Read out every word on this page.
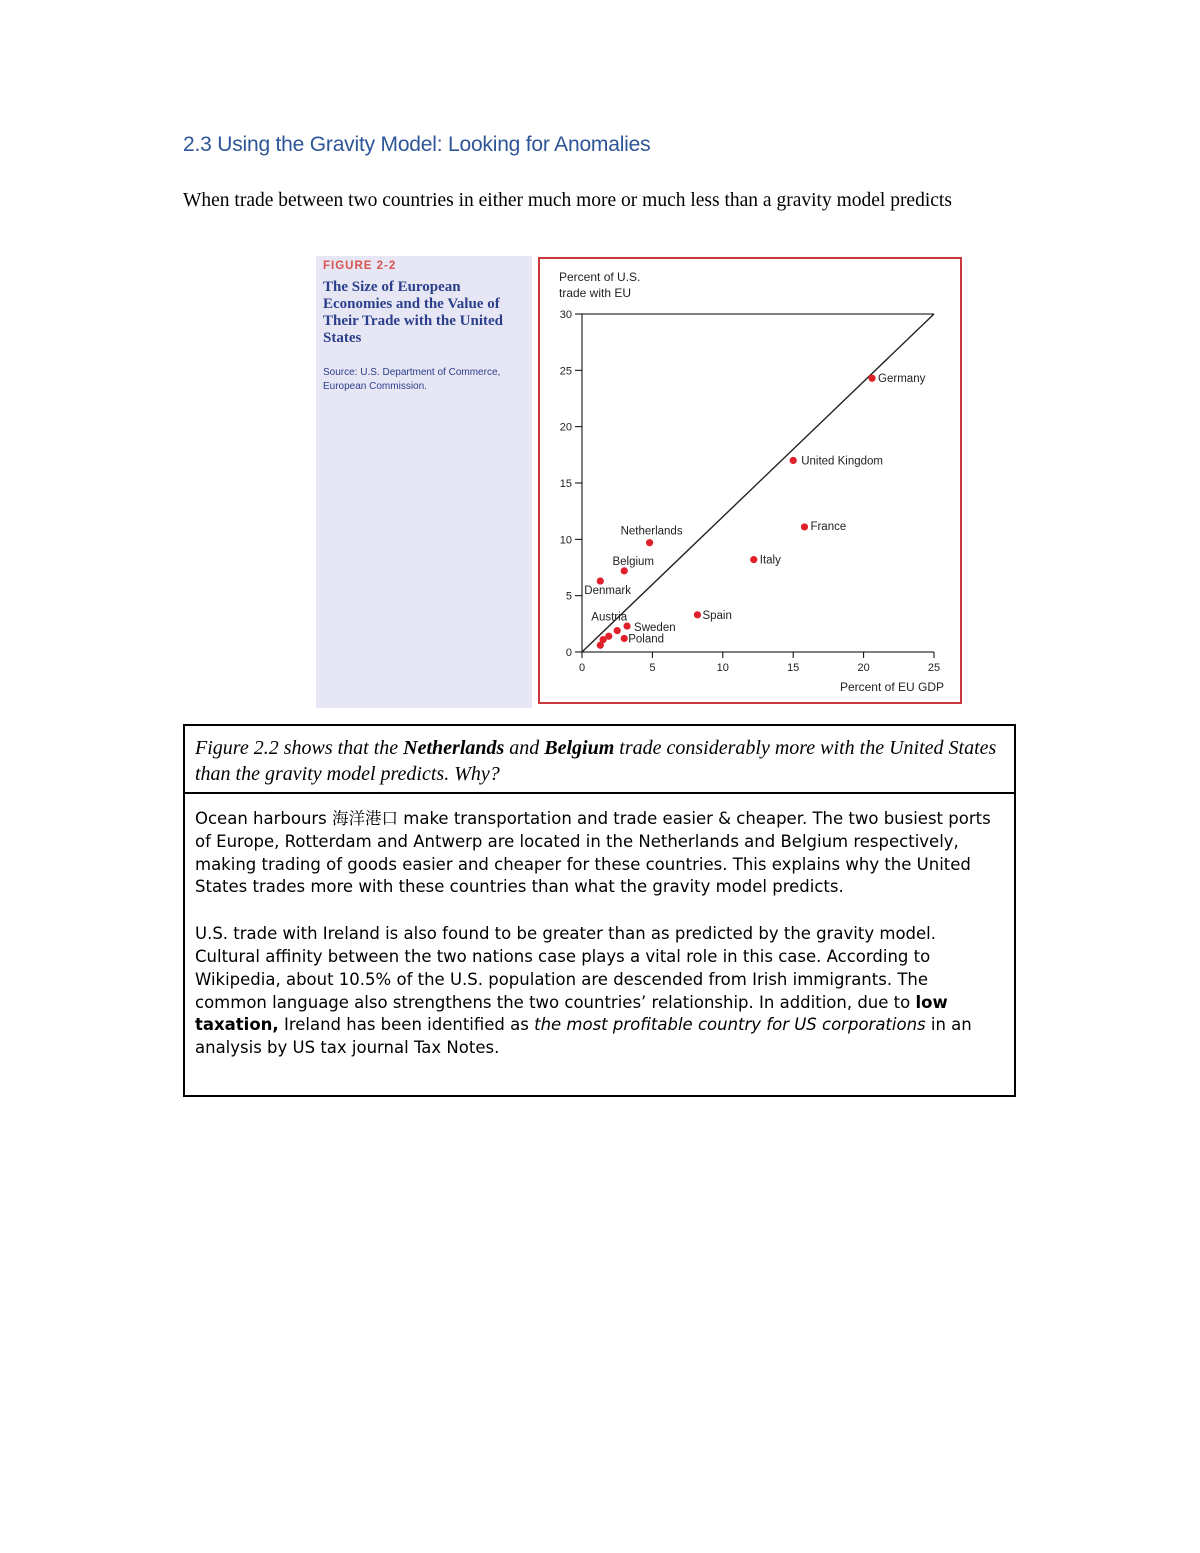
2.3 Using the Gravity Model: Looking for Anomalies
When trade between two countries in either much more or much less than a gravity model predicts
FIGURE 2-2
The Size of European Economies and the Value of Their Trade with the United States
Source: U.S. Department of Commerce, European Commission.
0
5
10
15
20
25
30
0	5	10	15	20	25
Percent of U.S.
trade with EU
Percent of EU GDP
Germany
United Kingdom
France
Italy
Netherlands
Belgium
Denmark
Spain
Sweden
Poland
Austria
Figure 2.2 shows that the Netherlands and Belgium trade considerably more with the United States than the gravity model predicts. Why?

Ocean harbours 海洋港口 make transportation and trade easier & cheaper. The two busiest ports of Europe, Rotterdam and Antwerp are located in the Netherlands and Belgium respectively, making trading of goods easier and cheaper for these countries. This explains why the United States trades more with these countries than what the gravity model predicts.

U.S. trade with Ireland is also found to be greater than as predicted by the gravity model. Cultural affinity between the two nations case plays a vital role in this case. According to Wikipedia, about 10.5% of the U.S. population are descended from Irish immigrants. The common language also strengthens the two countries’ relationship. In addition, due to low taxation, Ireland has been identified as the most profitable country for US corporations in an analysis by US tax journal Tax Notes.
